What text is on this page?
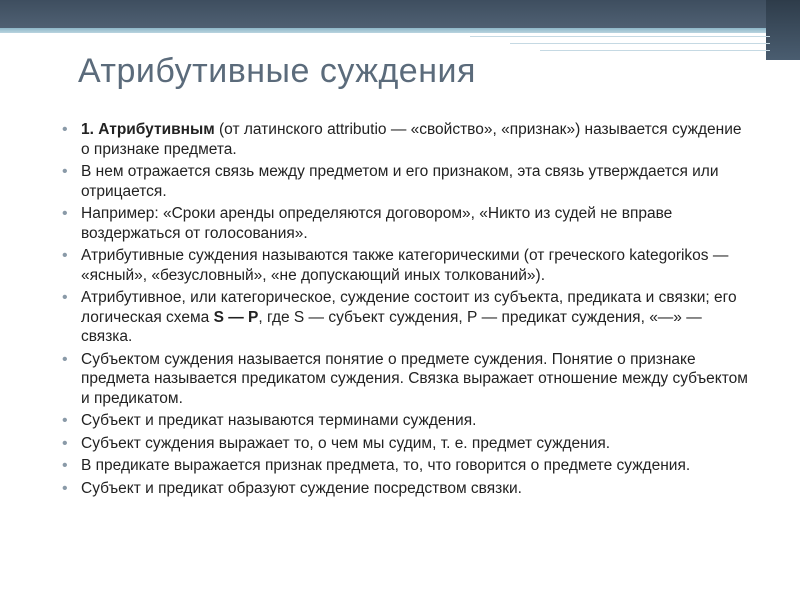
Атрибутивные суждения
• 1. Атрибутивным (от латинского attributio — «свойство», «признак») называется суждение о признаке предмета.
• В нем отражается связь между предметом и его признаком, эта связь утверждается или отрицается.
• Например: «Сроки аренды определяются договором», «Никто из судей не вправе воздержаться от голосования».
• Атрибутивные суждения называются также категорическими (от греческого kategorikos — «ясный», «безусловный», «не допускающий иных толкований»).
• Атрибутивное, или категорическое, суждение состоит из субъекта, предиката и связки; его логическая схема S — P, где S — субъект суждения, Р — предикат суждения, «—» — связка.
• Субъектом суждения называется понятие о предмете суждения. Понятие о признаке предмета называется предикатом суждения. Связка выражает отношение между субъектом и предикатом.
• Субъект и предикат называются терминами суждения.
• Субъект суждения выражает то, о чем мы судим, т. е. предмет суждения.
• В предикате выражается признак предмета, то, что говорится о предмете суждения.
• Субъект и предикат образуют суждение посредством связки.
